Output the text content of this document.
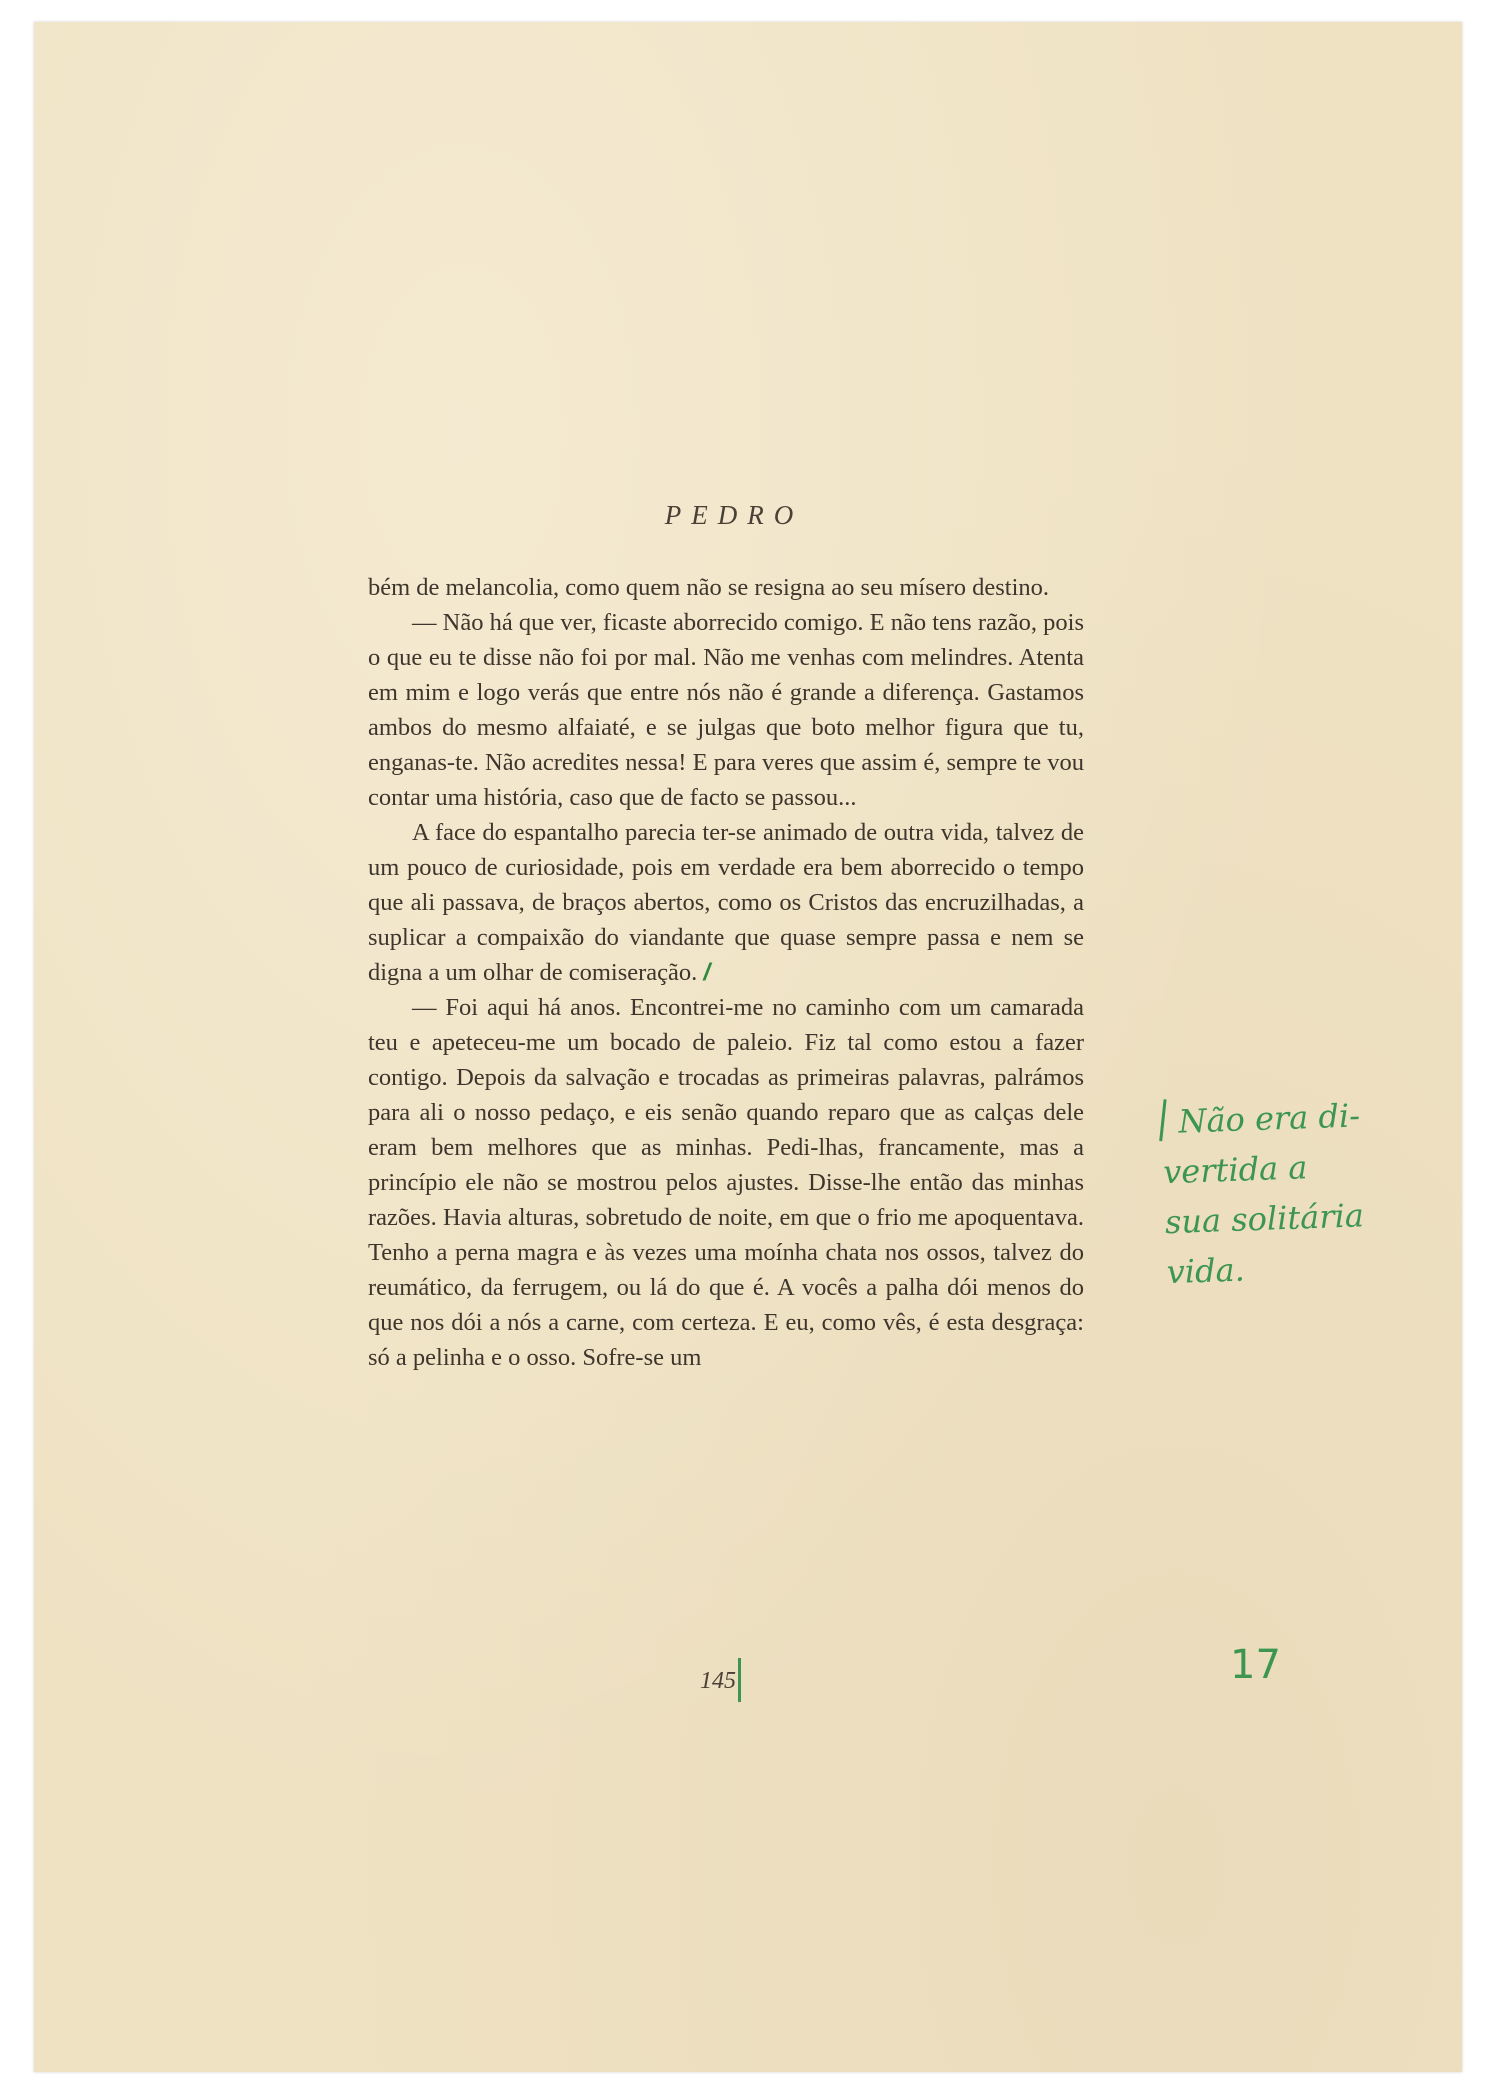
PEDRO

bém de melancolia, como quem não se resigna ao seu mísero destino.

— Não há que ver, ficaste aborrecido comigo. E não tens razão, pois o que eu te disse não foi por mal. Não me venhas com melindres. Atenta em mim e logo verás que entre nós não é grande a diferença. Gastamos ambos do mesmo alfaiaté, e se julgas que boto melhor figura que tu, enganas-te. Não acredites nessa! E para veres que assim é, sempre te vou contar uma história, caso que de facto se passou...

A face do espantalho parecia ter-se animado de outra vida, talvez de um pouco de curiosidade, pois em verdade era bem aborrecido o tempo que ali passava, de braços abertos, como os Cristos das encruzilhadas, a suplicar a compaixão do viandante que quase sempre passa e nem se digna a um olhar de comiseração. /

— Foi aqui há anos. Encontrei-me no caminho com um camarada teu e apeteceu-me um bocado de paleio. Fiz tal como estou a fazer contigo. Depois da salvação e trocadas as primeiras palavras, palrámos para ali o nosso pedaço, e eis senão quando reparo que as calças dele eram bem melhores que as minhas. Pedi-lhas, francamente, mas a princípio ele não se mostrou pelos ajustes. Disse-lhe então das minhas razões. Havia alturas, sobretudo de noite, em que o frio me apoquentava. Tenho a perna magra e às vezes uma moínha chata nos ossos, talvez do reumático, da ferrugem, ou lá do que é. A vocês a palha dói menos do que nos dói a nós a carne, com certeza. E eu, como vês, é esta desgraça: só a pelinha e o osso. Sofre-se um

Não era di-
vertida a
sua solitária
vida.
145	17
